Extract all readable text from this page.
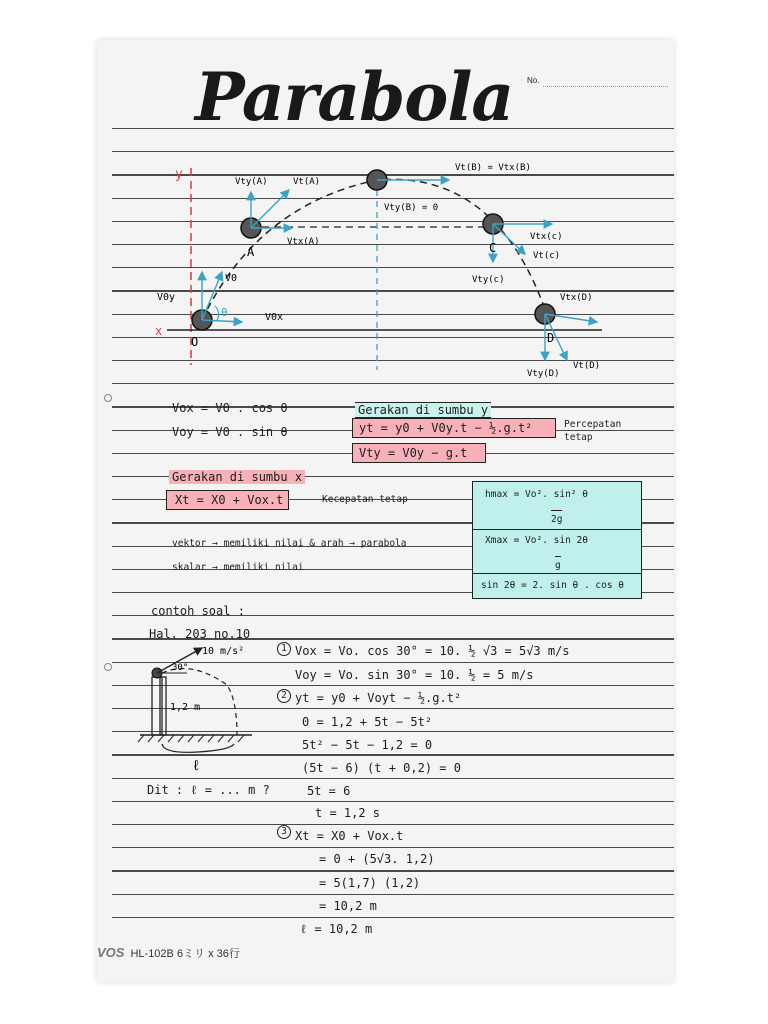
Parabola No.
y
x
O
A	C
D
θ
V0
V0y
V0x
Vty(A)	Vt(A)
Vtx(A)
Vt(B) = Vtx(B)
Vty(B) = 0
Vtx(c)
Vt(c)
Vty(c)
Vtx(D)
Vt(D)
Vty(D)
Vox = V0 . cos θ
Voy = V0 . sin θ
Gerakan di sumbu y
yt = y0 + V0y.t − ½.g.t²
Vty = V0y − g.t
Percepatan tetap
Gerakan di sumbu x
Xt = X0 + Vox.t	Kecepatan tetap	hmax = Vo². sin² θ
2g
Xmax = Vo². sin 2θ
g
sin 2θ = 2. sin θ . cos θ
vektor → memiliki nilai & arah → parabola
skalar → memiliki nilai
contoh soal :
Hal. 203 no.10
10 m/s²
30°
1,2 m
ℓ
Dit : ℓ = ... m ?
1
2
3
Vox = Vo. cos 30° = 10. ½ √3 = 5√3 m/s
Voy = Vo. sin 30° = 10. ½ = 5 m/s
yt = y0 + Voyt − ½.g.t²
0 = 1,2 + 5t − 5t²
5t² − 5t − 1,2 = 0
(5t − 6) (t + 0,2) = 0
5t = 6
t = 1,2 s
Xt = X0 + Vox.t
= 0 + (5√3. 1,2)
= 5(1,7) (1,2)
= 10,2 m
ℓ = 10,2 m
VOS HL-102B 6ミリ x 36行
